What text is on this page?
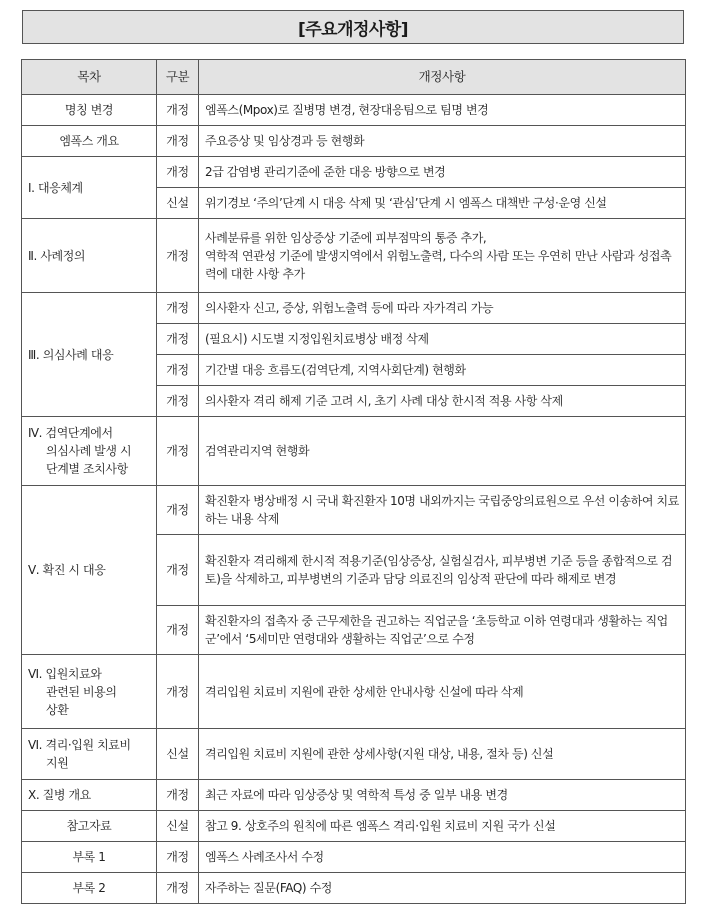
[주요개정사항]
목차	구분	개정사항
명칭 변경	개정	엠폭스(Mpox)로 질병명 변경, 현장대응팀으로 팀명 변경
엠폭스 개요	개정	주요증상 및 임상경과 등 현행화
Ⅰ. 대응체계	개정	2급 감염병 관리기준에 준한 대응 방향으로 변경
	신설	위기경보 ‘주의’단계 시 대응 삭제 및 ‘관심’단계 시 엠폭스 대책반 구성·운영 신설
Ⅱ. 사례정의	개정	사례분류를 위한 임상증상 기준에 피부점막의 통증 추가,
역학적 연관성 기준에 발생지역에서 위험노출력, 다수의 사람 또는 우연히 만난 사람과 성접촉력에 대한 사항 추가

Ⅲ. 의심사례 대응	개정	의사환자 신고, 증상, 위험노출력 등에 따라 자가격리 가능
	개정	(필요시) 시도별 지정입원치료병상 배정 삭제
	개정	기간별 대응 흐름도(검역단계, 지역사회단계) 현행화
	개정	의사환자 격리 해제 기준 고려 시, 초기 사례 대상 한시적 적용 사항 삭제

Ⅳ. 검역단계에서
의심사례 발생 시
단계별 조치사항	개정	검역관리지역 현행화
Ⅴ. 확진 시 대응	개정	확진환자 병상배정 시 국내 확진환자 10명 내외까지는 국립중앙의료원으로 우선 이송하여 치료하는 내용 삭제
	개정	확진환자 격리해제 한시적 적용기준(임상증상, 실험실검사, 피부병변 기준 등을 종합적으로 검토)을 삭제하고, 피부병변의 기준과 담당 의료진의 임상적 판단에 따라 해제로 변경
	개정	확진환자의 접촉자 중 근무제한을 권고하는 직업군을 ‘초등학교 이하 연령대과 생활하는 직업군’에서 ‘5세미만 연령대와 생활하는 직업군’으로 수정

Ⅵ. 입원치료와
관련된 비용의
상환	개정	격리입원 치료비 지원에 관한 상세한 안내사항 신설에 따라 삭제

Ⅵ. 격리·입원 치료비
지원	신설	격리입원 치료비 지원에 관한 상세사항(지원 대상, 내용, 절차 등) 신설
Ⅹ. 질병 개요	개정	최근 자료에 따라 임상증상 및 역학적 특성 중 일부 내용 변경
참고자료	신설	참고 9. 상호주의 원칙에 따른 엠폭스 격리·입원 치료비 지원 국가 신설
부록 1	개정	엠폭스 사례조사서 수정
부록 2	개정	자주하는 질문(FAQ) 수정
